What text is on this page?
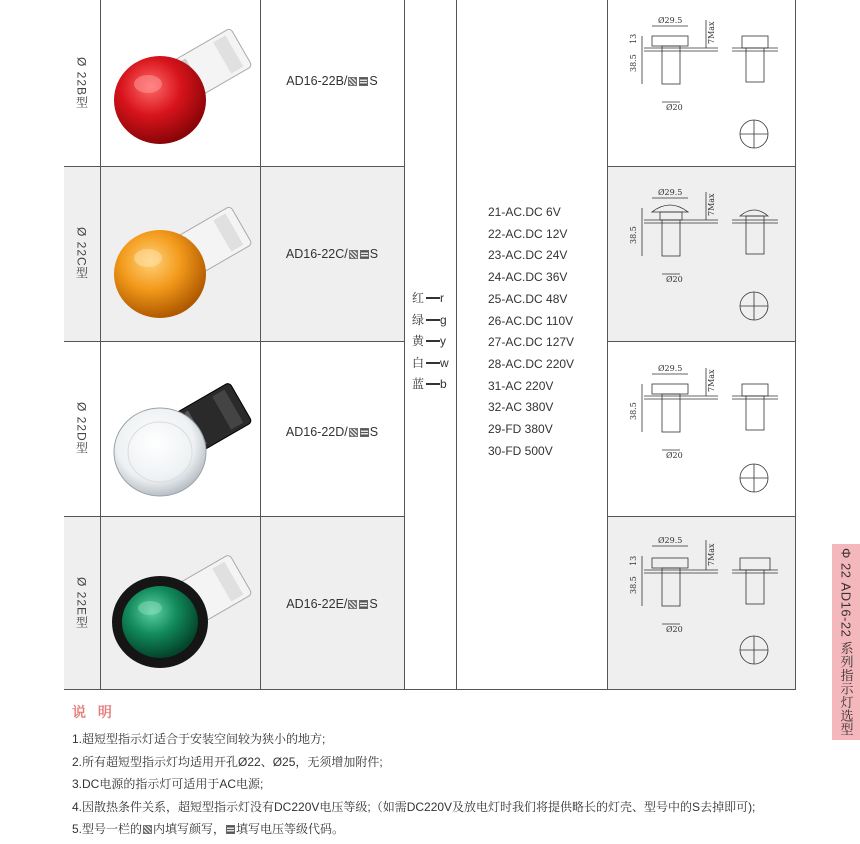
Ø 22B型
Ø 22C型
Ø 22D型
Ø 22E型
AD16-22B/ S
AD16-22C/ S
AD16-22D/ S
AD16-22E/ S
红 r
绿 g
黄 y
白 w
蓝 b
21-AC.DC 6V
22-AC.DC 12V
23-AC.DC 24V
24-AC.DC 36V
25-AC.DC 48V
26-AC.DC 110V
27-AC.DC 127V
28-AC.DC 220V
31-AC 220V
32-AC 380V
29-FD 380V
30-FD 500V
Ø29.5
Ø20
13
38.5
7Max
Ø29.5
Ø20
38.5
7Max
Ø29.5
Ø20
38.5
7Max
Ø29.5
Ø20
13
38.5
7Max
说 明
1.超短型指示灯适合于安装空间较为狭小的地方;
2.所有超短型指示灯均适用开孔Ø22、Ø25，无须增加附件;
3.DC电源的指示灯可适用于AC电源;
4.因散热条件关系，超短型指示灯没有DC220V电压等级;（如需DC220V及放电灯时我们将提供略长的灯壳、型号中的S去掉即可);
5.型号一栏的 内填写颜写， 填写电压等级代码。
Φ 22 AD16-22 系列指示灯选型
